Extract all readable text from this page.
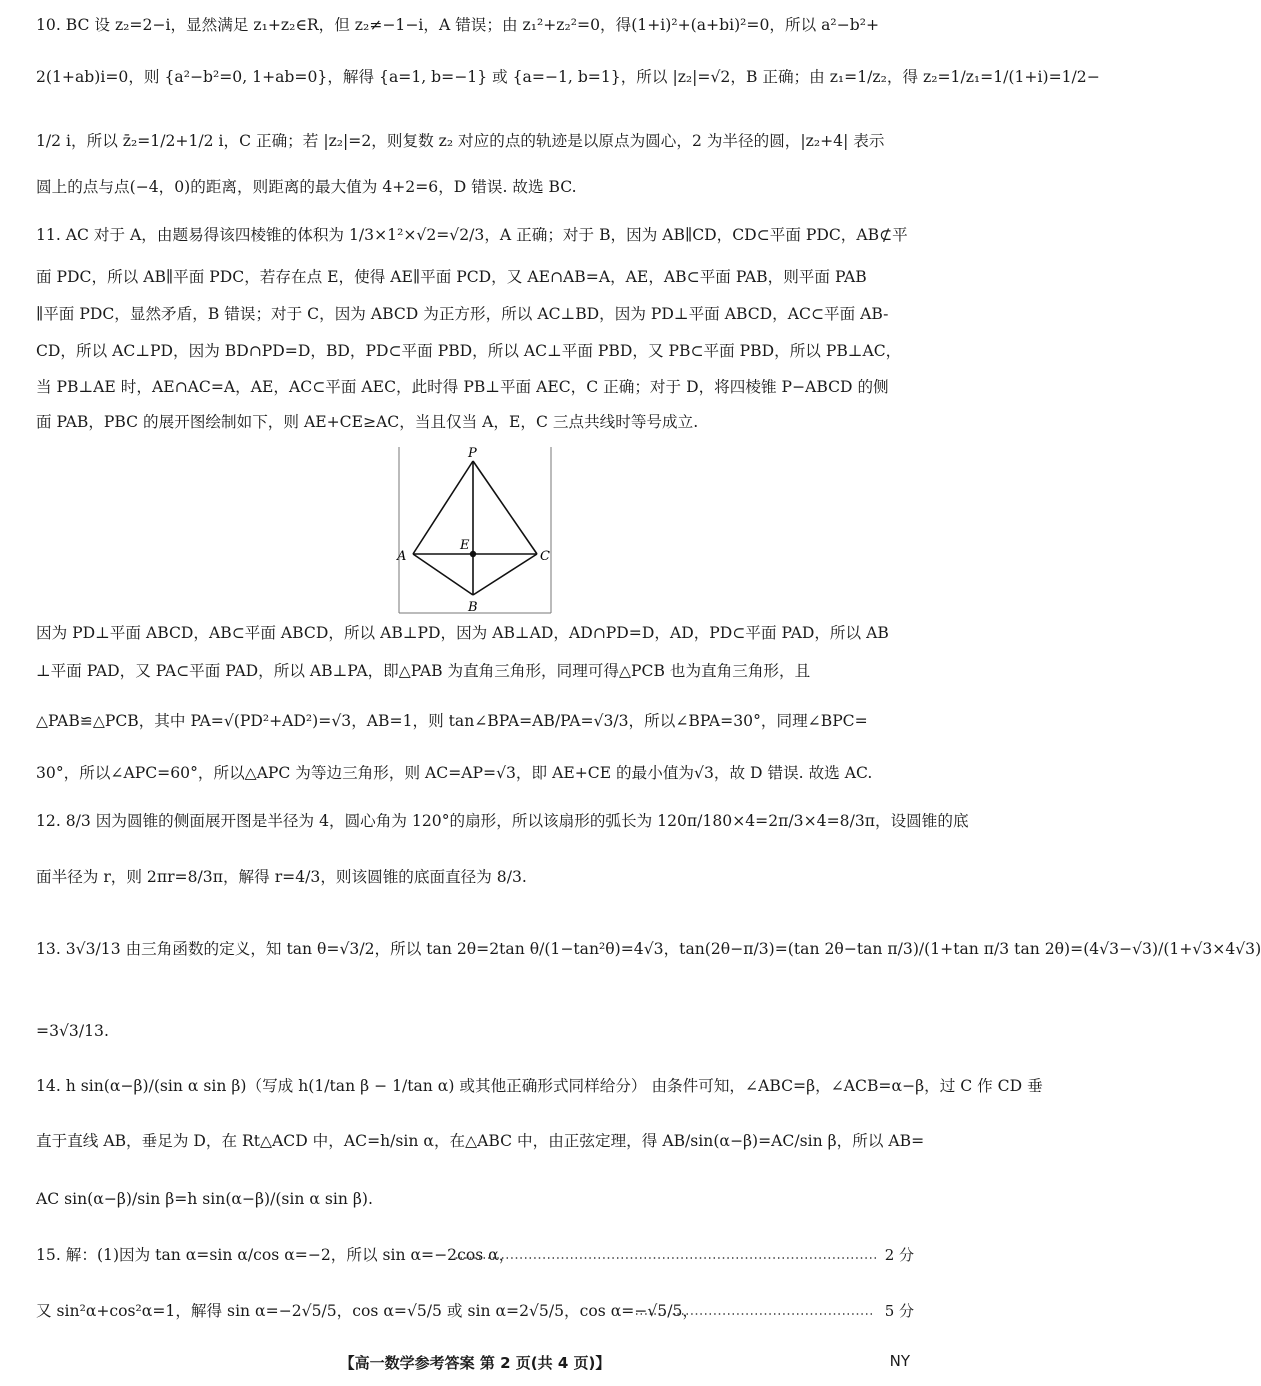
10. BC 设 z₂=2−i，显然满足 z₁+z₂∈R，但 z₂≠−1−i，A 错误；由 z₁²+z₂²=0，得(1+i)²+(a+bi)²=0，所以 a²−b²+
2(1+ab)i=0，则 {a²−b²=0, 1+ab=0}，解得 {a=1, b=−1} 或 {a=−1, b=1}，所以 |z₂|=√2，B 正确；由 z₁=1/z₂，得 z₂=1/z₁=1/(1+i)=1/2−
1/2 i，所以 z̄₂=1/2+1/2 i，C 正确；若 |z₂|=2，则复数 z₂ 对应的点的轨迹是以原点为圆心，2 为半径的圆，|z₂+4| 表示
圆上的点与点(−4，0)的距离，则距离的最大值为 4+2=6，D 错误. 故选 BC.
11. AC 对于 A，由题易得该四棱锥的体积为 1/3×1²×√2=√2/3，A 正确；对于 B，因为 AB∥CD，CD⊂平面 PDC，AB⊄平
面 PDC，所以 AB∥平面 PDC，若存在点 E，使得 AE∥平面 PCD，又 AE∩AB=A，AE，AB⊂平面 PAB，则平面 PAB
∥平面 PDC，显然矛盾，B 错误；对于 C，因为 ABCD 为正方形，所以 AC⊥BD，因为 PD⊥平面 ABCD，AC⊂平面 AB-
CD，所以 AC⊥PD，因为 BD∩PD=D，BD，PD⊂平面 PBD，所以 AC⊥平面 PBD，又 PB⊂平面 PBD，所以 PB⊥AC，
当 PB⊥AE 时，AE∩AC=A，AE，AC⊂平面 AEC，此时得 PB⊥平面 AEC，C 正确；对于 D，将四棱锥 P−ABCD 的侧
面 PAB，PBC 的展开图绘制如下，则 AE+CE≥AC，当且仅当 A，E，C 三点共线时等号成立.
P
A
E
C
B
因为 PD⊥平面 ABCD，AB⊂平面 ABCD，所以 AB⊥PD，因为 AB⊥AD，AD∩PD=D，AD，PD⊂平面 PAD，所以 AB
⊥平面 PAD，又 PA⊂平面 PAD，所以 AB⊥PA，即△PAB 为直角三角形，同理可得△PCB 也为直角三角形，且
△PAB≌△PCB，其中 PA=√(PD²+AD²)=√3，AB=1，则 tan∠BPA=AB/PA=√3/3，所以∠BPA=30°，同理∠BPC=
30°，所以∠APC=60°，所以△APC 为等边三角形，则 AC=AP=√3，即 AE+CE 的最小值为√3，故 D 错误. 故选 AC.
12. 8/3 因为圆锥的侧面展开图是半径为 4，圆心角为 120°的扇形，所以该扇形的弧长为 120π/180×4=2π/3×4=8/3π，设圆锥的底
面半径为 r，则 2πr=8/3π，解得 r=4/3，则该圆锥的底面直径为 8/3.
13. 3√3/13 由三角函数的定义，知 tan θ=√3/2，所以 tan 2θ=2tan θ/(1−tan²θ)=4√3，tan(2θ−π/3)=(tan 2θ−tan π/3)/(1+tan π/3 tan 2θ)=(4√3−√3)/(1+√3×4√3)
=3√3/13.
14. h sin(α−β)/(sin α sin β)（写成 h(1/tan β − 1/tan α) 或其他正确形式同样给分） 由条件可知，∠ABC=β，∠ACB=α−β，过 C 作 CD 垂
直于直线 AB，垂足为 D，在 Rt△ACD 中，AC=h/sin α，在△ABC 中，由正弦定理，得 AB/sin(α−β)=AC/sin β，所以 AB=
AC sin(α−β)/sin β=h sin(α−β)/(sin α sin β).
15. 解：(1)因为 tan α=sin α/cos α=−2，所以 sin α=−2cos α，	2 分
又 sin²α+cos²α=1，解得 sin α=−2√5/5，cos α=√5/5 或 sin α=2√5/5，cos α=−√5/5，	5 分
【高一数学参考答案 第 2 页(共 4 页)】	NY
